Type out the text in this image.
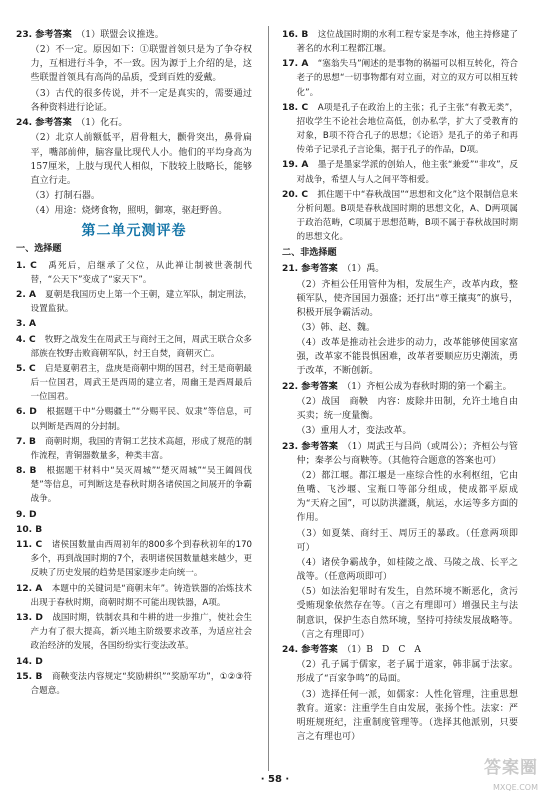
23. 参考答案　（1）联盟会议推选。
（2）不一定。原因如下：①联盟首领只是为了争夺权力，互相进行斗争，不一致。因为源于上介绍的是，这些联盟首领具有高尚的品质，受到百姓的爱戴。
（3）古代的很多传说，并不一定是真实的，需要通过各种资料进行论证。
24. 参考答案　（1）化石。
（2）北京人前额低平，眉骨粗大，颧骨突出，鼻骨扁平，嘴部前伸，脑容量比现代人小。他们的平均身高为157厘米，上肢与现代人相似，下肢较上肢略长，能够直立行走。
（3）打制石器。
（4）用途：烧烤食物，照明，御寒，驱赶野兽。
第二单元测评卷
一、选择题
1. C　禹死后，启继承了父位，从此禅让制被世袭制代替，“公天下”变成了“家天下”。
2. A　夏朝是我国历史上第一个王朝，建立军队，制定刑法，设置监狱。
3. A　
4. C　牧野之战发生在周武王与商纣王之间，周武王联合众多部族在牧野击败商朝军队，纣王自焚，商朝灭亡。
5. C　启是夏朝君主，盘庚是商朝中期的国君，纣王是商朝最后一位国君，周武王是西周的建立者，周幽王是西周最后一位国君。
6. D　根据题干中“分赐疆土”“分赐平民、奴隶”等信息，可以判断是西周的分封制。
7. B　商朝时期，我国的青铜工艺技术高超，形成了规范的制作流程，青铜器数量多，种类丰富。
8. B　根据题干材料中“吴灭周城”“楚灭周城”“吴王阖闾伐楚”等信息，可判断这是春秋时期各诸侯国之间展开的争霸战争。
9. D　
10. B　
11. C　诸侯国数量由西周初年的800多个到春秋初年的170多个，再到战国时期的7个，表明诸侯国数量越来越少，更反映了历史发展的趋势是国家逐步走向统一。
12. A　本题中的关键词是“商朝末年”。铸造铁器的冶炼技术出现于春秋时期，商朝时期不可能出现铁器，A项。
13. D　战国时期，铁制农具和牛耕的进一步推广，使社会生产力有了很大提高，新兴地主阶级要求改革，为适应社会政治经济的发展，各国纷纷实行变法改革。
14. D　
15. B　商鞅变法内容规定“奖励耕织”“奖励军功”，①②③符合题意。
16. B　这位战国时期的水利工程专家是李冰，他主持修建了著名的水利工程都江堰。
17. A　“塞翁失马”阐述的是事物的祸福可以相互转化，符合老子的思想“一切事物都有对立面，对立的双方可以相互转化”。
18. C　A项是孔子在政治上的主张；孔子主张“有教无类”，招收学生不论社会地位高低，创办私学，扩大了受教育的对象，B项不符合孔子的思想；《论语》是孔子的弟子和再传弟子记录孔子言论集，据于孔子的作品，D项。
19. A　墨子是墨家学派的创始人，他主张“兼爱”“非攻”，反对战争，希望人与人之间平等相爱。
20. C　抓住题干中“春秋战国”“思想和文化”这个限制信息来分析问题。B项是春秋战国时期的思想文化，A、D两项属于政治范畴，C项属于思想范畴，B项不属于春秋战国时期的思想文化。
二、非选择题
21. 参考答案　（1）禹。
（2）齐桓公任用管仲为相，发展生产，改革内政，整顿军队，使齐国国力强盛；还打出“尊王攘夷”的旗号，积极开展争霸活动。
（3）韩、赵、魏。
（4）改革是推动社会进步的动力，改革能够使国家富强，改革家不能畏惧困难，改革者要顺应历史潮流，勇于改革，不断创新。
22. 参考答案　（1）齐桓公成为春秋时期的第一个霸主。
（2）战国　商鞅　内容：废除井田制，允许土地自由买卖；统一度量衡。
（3）重用人才，变法改革。
23. 参考答案　（1）周武王与吕尚（或周公）；齐桓公与管仲；秦孝公与商鞅等。（其他符合题意的答案也可）
（2）都江堰。都江堰是一座综合性的水利枢纽，它由鱼嘴、飞沙堰、宝瓶口等部分组成，使成都平原成为“天府之国”，可以防洪灌溉，航运，水运等多方面的作用。
（3）如夏桀、商纣王、周厉王的暴政。（任意两项即可）
（4）诸侯争霸战争，如桂陵之战、马陵之战、长平之战等。（任意两项即可）
（5）如法治犯罪时有发生，自然环境不断恶化，贪污受贿现象依然存在等。（言之有理即可）增强民主与法制意识，保护生态自然环境，坚持可持续发展战略等。（言之有理即可）
24. 参考答案　（1）B　D　C　A
（2）孔子属于儒家，老子属于道家，韩非属于法家。形成了“百家争鸣”的局面。
（3）选择任何一派，如儒家：人性化管理，注重思想教育。道家：注重学生自由发展，张扬个性。法家：严明班规班纪，注重制度管理等。（选择其他派别，只要言之有理也可）
· 58 ·
答案圈
MXQE.COM
